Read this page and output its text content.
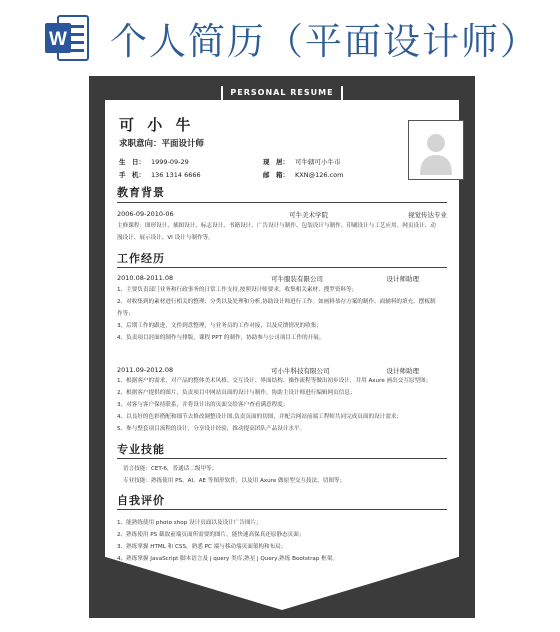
W 个人简历（平面设计师）
PERSONAL RESUME
可 小 牛
求职意向：平面设计师
生　日： 1999-09-29	现　居： 可牛辖可小牛市
手　机： 136 1314 6666	邮　箱： KXN@126.com
教育背景
2006-09-2010-06	可牛美术学院	视觉传达专业

主修课程：图形设计、插图设计、标志设计、书籍设计、广告设计与制作、包装设计与制作、印刷设计与工艺应用、网页设计、动

漫设计、展示设计、VI 设计与制作等。

工作经历
2010.08-2011.08	可牛服装有限公司	设计师助理

1、主要负责部门业务和行政事务的日常工作支持,按照设计师要求，收集相关素材、搜罗资料等；

2、对收集到的素材进行相关的整理、分类以及处理和分析,协助设计师进行工作。如画料恭存方案的制作、面辅料的填充、摆板制

作等；

3、后期工作的跟进，文件到盘整理，与业务员的工作对接，以及反馈情况的收集；

4、负责项目封面的制作与排版，课程 PPT 的制作，协助参与公司项目工作的开展。

2011.09-2012.08	可小牛科技有限公司	设计师助理

1、根据客户的需求，对产品的整体美术风格、交互设计、界面结构、操作流程等做出初步设计，并用 Axure 画出交互原型图；

2、根据客户提供的图片，负责项目中网站页面的设计与制作，协助主设计师进行编辑网页信息；

3、对客与客户保持联系，并将设计出的页面交给客户查看满意程度；

4、以良好的色彩搭配和细节去修改调整设计图,负责页面的切图，并配合网站前端工程师共同完成页面的设计需求；

5、参与整套项目流程的设计，分享设计经验，推动提高团队产品设计水平。

专业技能

语言技能：CET-6，普通话二级甲等；

专业技能：熟练使用 PS、AI、AE 等图形软件，以及用 Axure 做原型交互技法、切图等；

自我评价

1、能熟练使用 photo shop 设计页面以及设计广告图片；

2、熟练使用 PS 截取前端页面所需要的图片，能快速高保真还原静态页面；

3、熟练掌握 HTML 和 CSS，熟悉 PC 端与移动端页面架构和布局；

4、熟练掌握 JavaScript 脚本语言及 j query 类库,熟星 j Query,熟练 Bootstrap 框架。
